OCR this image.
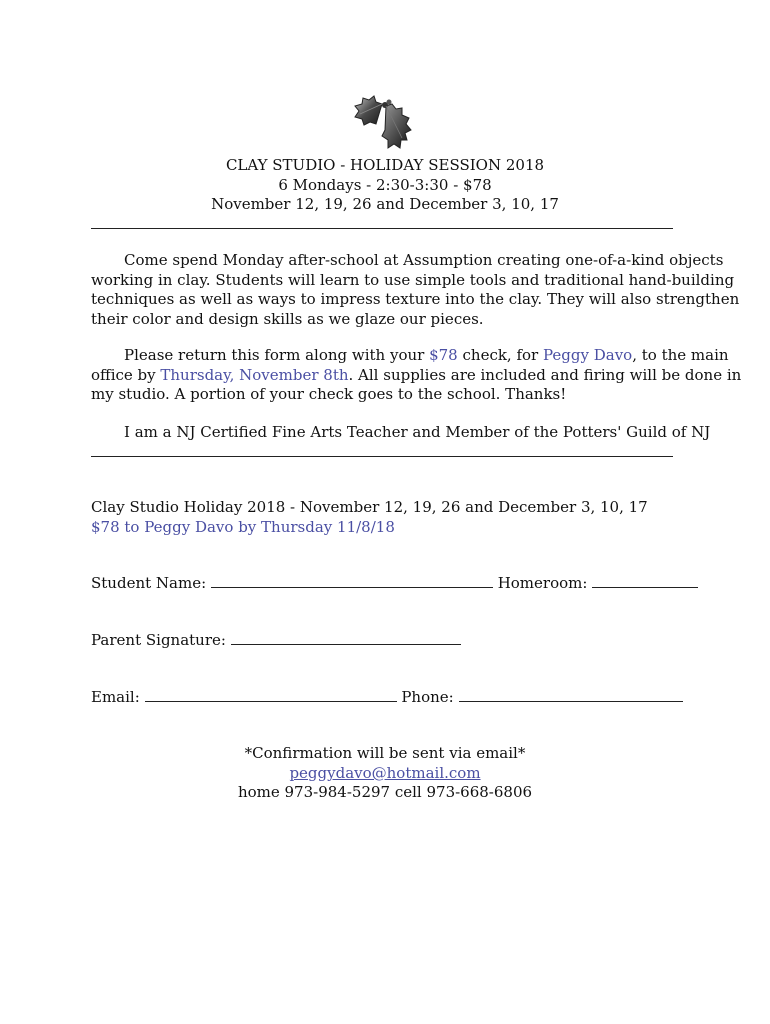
CLAY STUDIO - HOLIDAY SESSION 2018
6 Mondays - 2:30-3:30 - $78
November 12, 19, 26 and December 3, 10, 17
Come spend Monday after-school at Assumption creating one-of-a-kind objects
working in clay. Students will learn to use simple tools and traditional hand-building
techniques as well as ways to impress texture into the clay. They will also strengthen
their color and design skills as we glaze our pieces.
Please return this form along with your $78 check, for Peggy Davo, to the main
office by Thursday, November 8th. All supplies are included and firing will be done in
my studio. A portion of your check goes to the school. Thanks!
I am a NJ Certified Fine Arts Teacher and Member of the Potters' Guild of NJ
Clay Studio Holiday 2018 - November 12, 19, 26 and December 3, 10, 17
$78 to Peggy Davo by Thursday 11/8/18
Student Name:	Homeroom:
Parent Signature:
Email:	Phone:
*Confirmation will be sent via email*
peggydavo@hotmail.com
home 973-984-5297 cell 973-668-6806
